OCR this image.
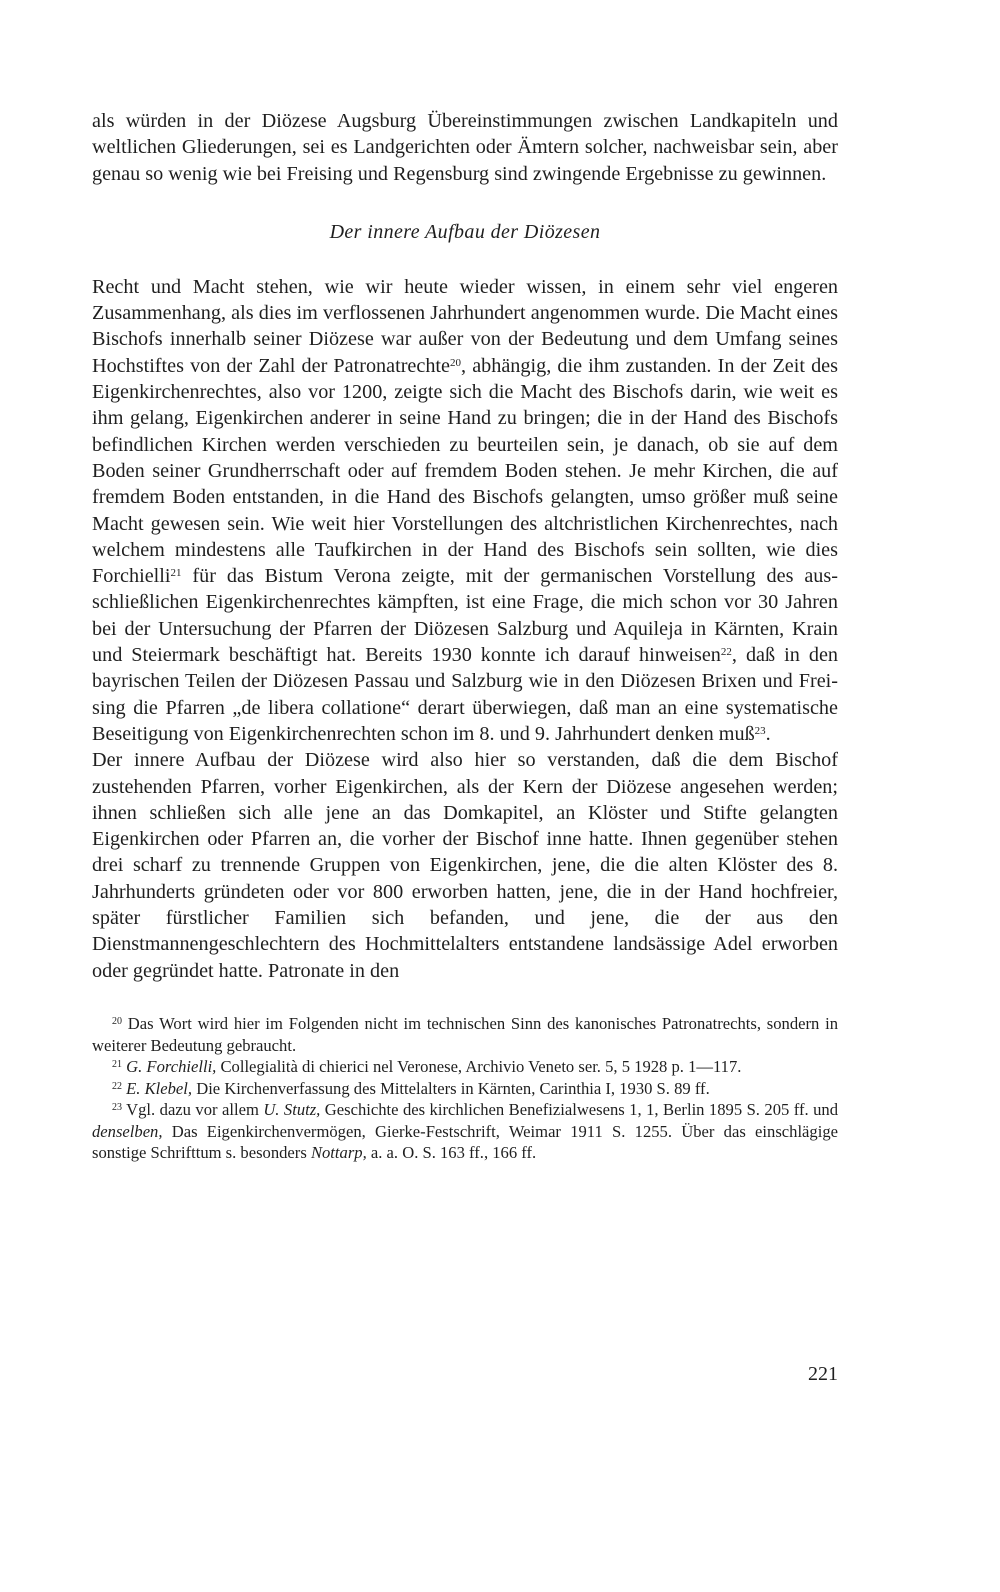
als würden in der Diözese Augsburg Übereinstimmungen zwischen Landkapiteln und weltlichen Gliederungen, sei es Landgerichten oder Ämtern solcher, nachweisbar sein, aber genau so wenig wie bei Freising und Regensburg sind zwingende Ergebnisse zu gewinnen.

Der innere Aufbau der Diözesen

Recht und Macht stehen, wie wir heute wieder wissen, in einem sehr viel engeren Zusammenhang, als dies im verflossenen Jahrhundert angenommen wurde. Die Macht eines Bischofs innerhalb seiner Diözese war außer von der Bedeutung und dem Umfang seines Hochstiftes von der Zahl der Patronatrechte$^{20}$, abhängig, die ihm zustanden. In der Zeit des Eigenkirchenrechtes, also vor 1200, zeigte sich die Macht des Bischofs darin, wie weit es ihm gelang, Eigenkirchen anderer in seine Hand zu bringen; die in der Hand des Bischofs befindlichen Kirchen werden verschieden zu beurteilen sein, je danach, ob sie auf dem Boden seiner Grundherrschaft oder auf fremdem Boden stehen. Je mehr Kirchen, die auf fremdem Boden entstanden, in die Hand des Bischofs gelangten, umso größer muß seine Macht gewesen sein. Wie weit hier Vorstellungen des altchristlichen Kirchenrechtes, nach welchem mindestens alle Taufkirchen in der Hand des Bischofs sein sollten, wie dies Forchielli$^{21}$ für das Bistum Verona zeigte, mit der germanischen Vorstellung des ausschließlichen Eigenkirchenrechtes kämpften, ist eine Frage, die mich schon vor 30 Jahren bei der Untersuchung der Pfarren der Diözesen Salzburg und Aquileja in Kärnten, Krain und Steiermark beschäftigt hat. Bereits 1930 konnte ich darauf hinweisen$^{22}$, daß in den bayrischen Teilen der Diözesen Passau und Salzburg wie in den Diözesen Brixen und Freising die Pfarren „de libera collatione“ derart überwiegen, daß man an eine systematische Beseitigung von Eigenkirchenrechten schon im 8. und 9. Jahrhundert denken muß$^{23}$.

Der innere Aufbau der Diözese wird also hier so verstanden, daß die dem Bischof zustehenden Pfarren, vorher Eigenkirchen, als der Kern der Diözese angesehen werden; ihnen schließen sich alle jene an das Domkapitel, an Klöster und Stifte gelangten Eigenkirchen oder Pfarren an, die vorher der Bischof inne hatte. Ihnen gegenüber stehen drei scharf zu trennende Gruppen von Eigenkirchen, jene, die die alten Klöster des 8. Jahrhunderts gründeten oder vor 800 erworben hatten, jene, die in der Hand hochfreier, später fürstlicher Familien sich befanden, und jene, die der aus den Dienstmannengeschlechtern des Hochmittelalters entstandene landsässige Adel erworben oder gegründet hatte. Patronate in den

$^{20}$ Das Wort wird hier im Folgenden nicht im technischen Sinn des kanonisches Patronatrechts, sondern in weiterer Bedeutung gebraucht.

$^{21}$ G. Forchielli, Collegialità di chierici nel Veronese, Archivio Veneto ser. 5, 5 1928 p. 1—117.

$^{22}$ E. Klebel, Die Kirchenverfassung des Mittelalters in Kärnten, Carinthia I, 1930 S. 89 ff.

$^{23}$ Vgl. dazu vor allem U. Stutz, Geschichte des kirchlichen Benefizialwesens 1, 1, Berlin 1895 S. 205 ff. und denselben, Das Eigenkirchenvermögen, Gierke-Festschrift, Weimar 1911 S. 1255. Über das einschlägige sonstige Schrifttum s. besonders Nottarp, a. a. O. S. 163 ff., 166 ff.

221
